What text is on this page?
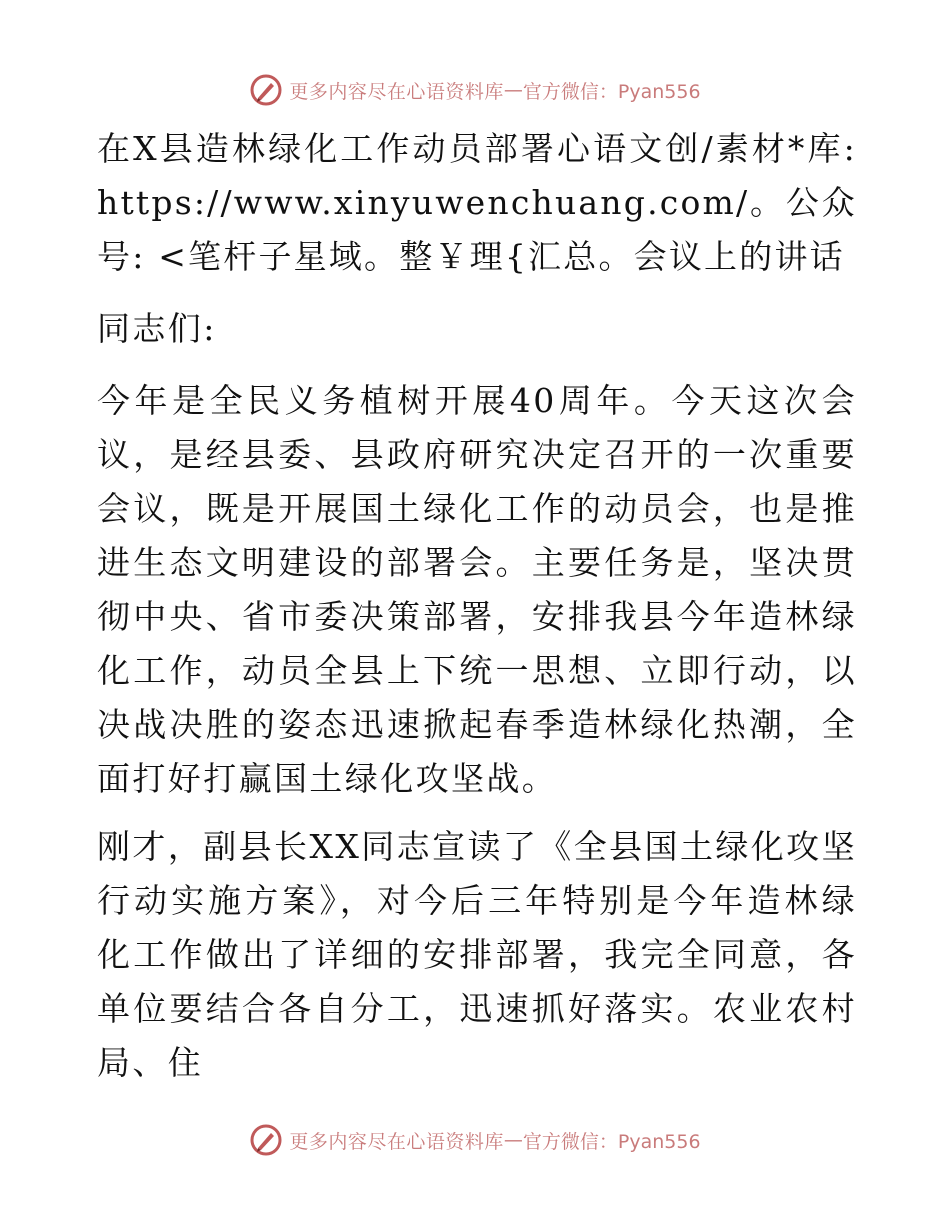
更多内容尽在心语资料库 — 官方微信：Pyan556

在X县造林绿化工作动员部署心语文创/素材*库: https://www.xinyuwenchuang.com/。公众号: <笔杆子星域。整￥理{汇总。会议上的讲话

同志们:

今年是全民义务植树开展40周年。今天这次会议，是经县委、县政府研究决定召开的一次重要会议，既是开展国土绿化工作的动员会，也是推进生态文明建设的部署会。主要任务是，坚决贯彻中央、省市委决策部署，安排我县今年造林绿化工作，动员全县上下统一思想、立即行动，以决战决胜的姿态迅速掀起春季造林绿化热潮，全面打好打赢国土绿化攻坚战。

刚才，副县长XX同志宣读了《全县国土绿化攻坚行动实施方案》，对今后三年特别是今年造林绿化工作做出了详细的安排部署，我完全同意，各单位要结合各自分工，迅速抓好落实。农业农村局、住

更多内容尽在心语资料库 — 官方微信：Pyan556
